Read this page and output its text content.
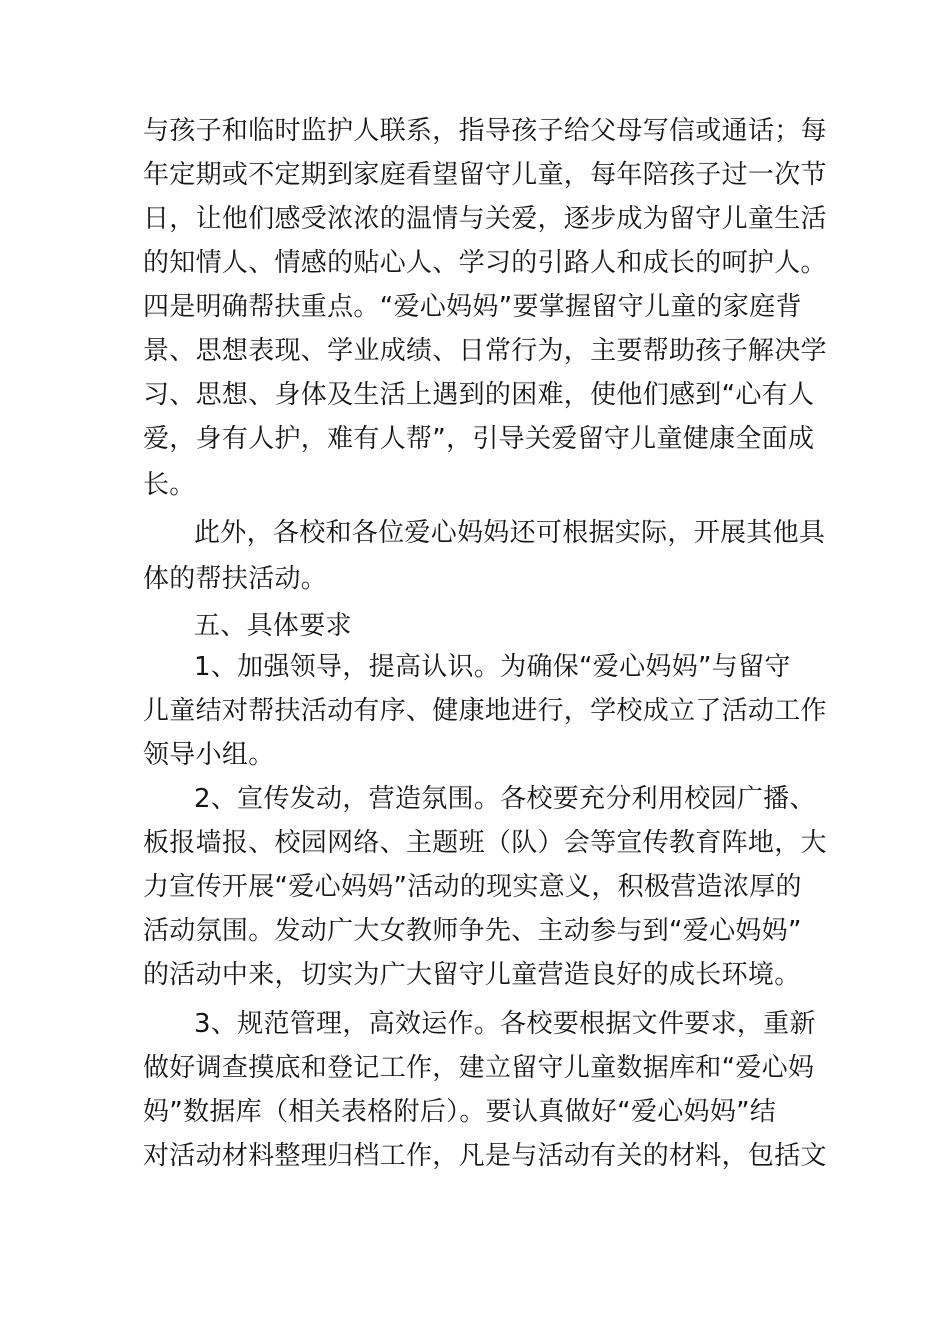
与孩子和临时监护人联系，指导孩子给父母写信或通话；每
年定期或不定期到家庭看望留守儿童，每年陪孩子过一次节
日，让他们感受浓浓的温情与关爱，逐步成为留守儿童生活
的知情人、情感的贴心人、学习的引路人和成长的呵护人。
四是明确帮扶重点。“爱心妈妈”要掌握留守儿童的家庭背
景、思想表现、学业成绩、日常行为，主要帮助孩子解决学
习、思想、身体及生活上遇到的困难，使他们感到“心有人
爱，身有人护，难有人帮”，引导关爱留守儿童健康全面成
长。
此外，各校和各位爱心妈妈还可根据实际，开展其他具
体的帮扶活动。
五、具体要求
1、加强领导，提高认识。为确保“爱心妈妈”与留守
儿童结对帮扶活动有序、健康地进行，学校成立了活动工作
领导小组。
2、宣传发动，营造氛围。各校要充分利用校园广播、
板报墙报、校园网络、主题班（队）会等宣传教育阵地，大
力宣传开展“爱心妈妈”活动的现实意义，积极营造浓厚的
活动氛围。发动广大女教师争先、主动参与到“爱心妈妈”
的活动中来，切实为广大留守儿童营造良好的成长环境。
3、规范管理，高效运作。各校要根据文件要求，重新
做好调查摸底和登记工作，建立留守儿童数据库和“爱心妈
妈”数据库（相关表格附后）。要认真做好“爱心妈妈”结
对活动材料整理归档工作，凡是与活动有关的材料，包括文
